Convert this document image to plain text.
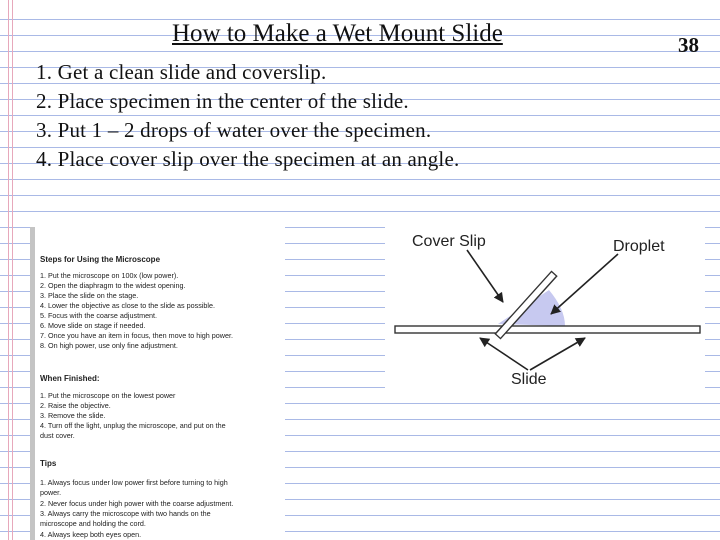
How to Make a Wet Mount Slide	38
1. Get a clean slide and coverslip.
2. Place specimen in the center of the slide.
3. Put 1 – 2 drops of water over the specimen.
4. Place cover slip over the specimen at an angle.
Steps for Using the Microscope
1. Put the microscope on 100x (low power).
2. Open the diaphragm to the widest opening.
3. Place the slide on the stage.
4. Lower the objective as close to the slide as possible.
5. Focus with the coarse adjustment.
6. Move slide on stage if needed.
7. Once you have an item in focus, then move to high power.
8. On high power, use only fine adjustment.
When Finished:
1. Put the microscope on the lowest power
2. Raise the objective.
3. Remove the slide.
4. Turn off the light, unplug the microscope, and put on the
dust cover.
Tips
1. Always focus under low power first before turning to high
power.
2. Never focus under high power with the coarse adjustment.
3. Always carry the microscope with two hands on the
microscope and holding the cord.
4. Always keep both eyes open.
Cover Slip	Droplet
Slide
